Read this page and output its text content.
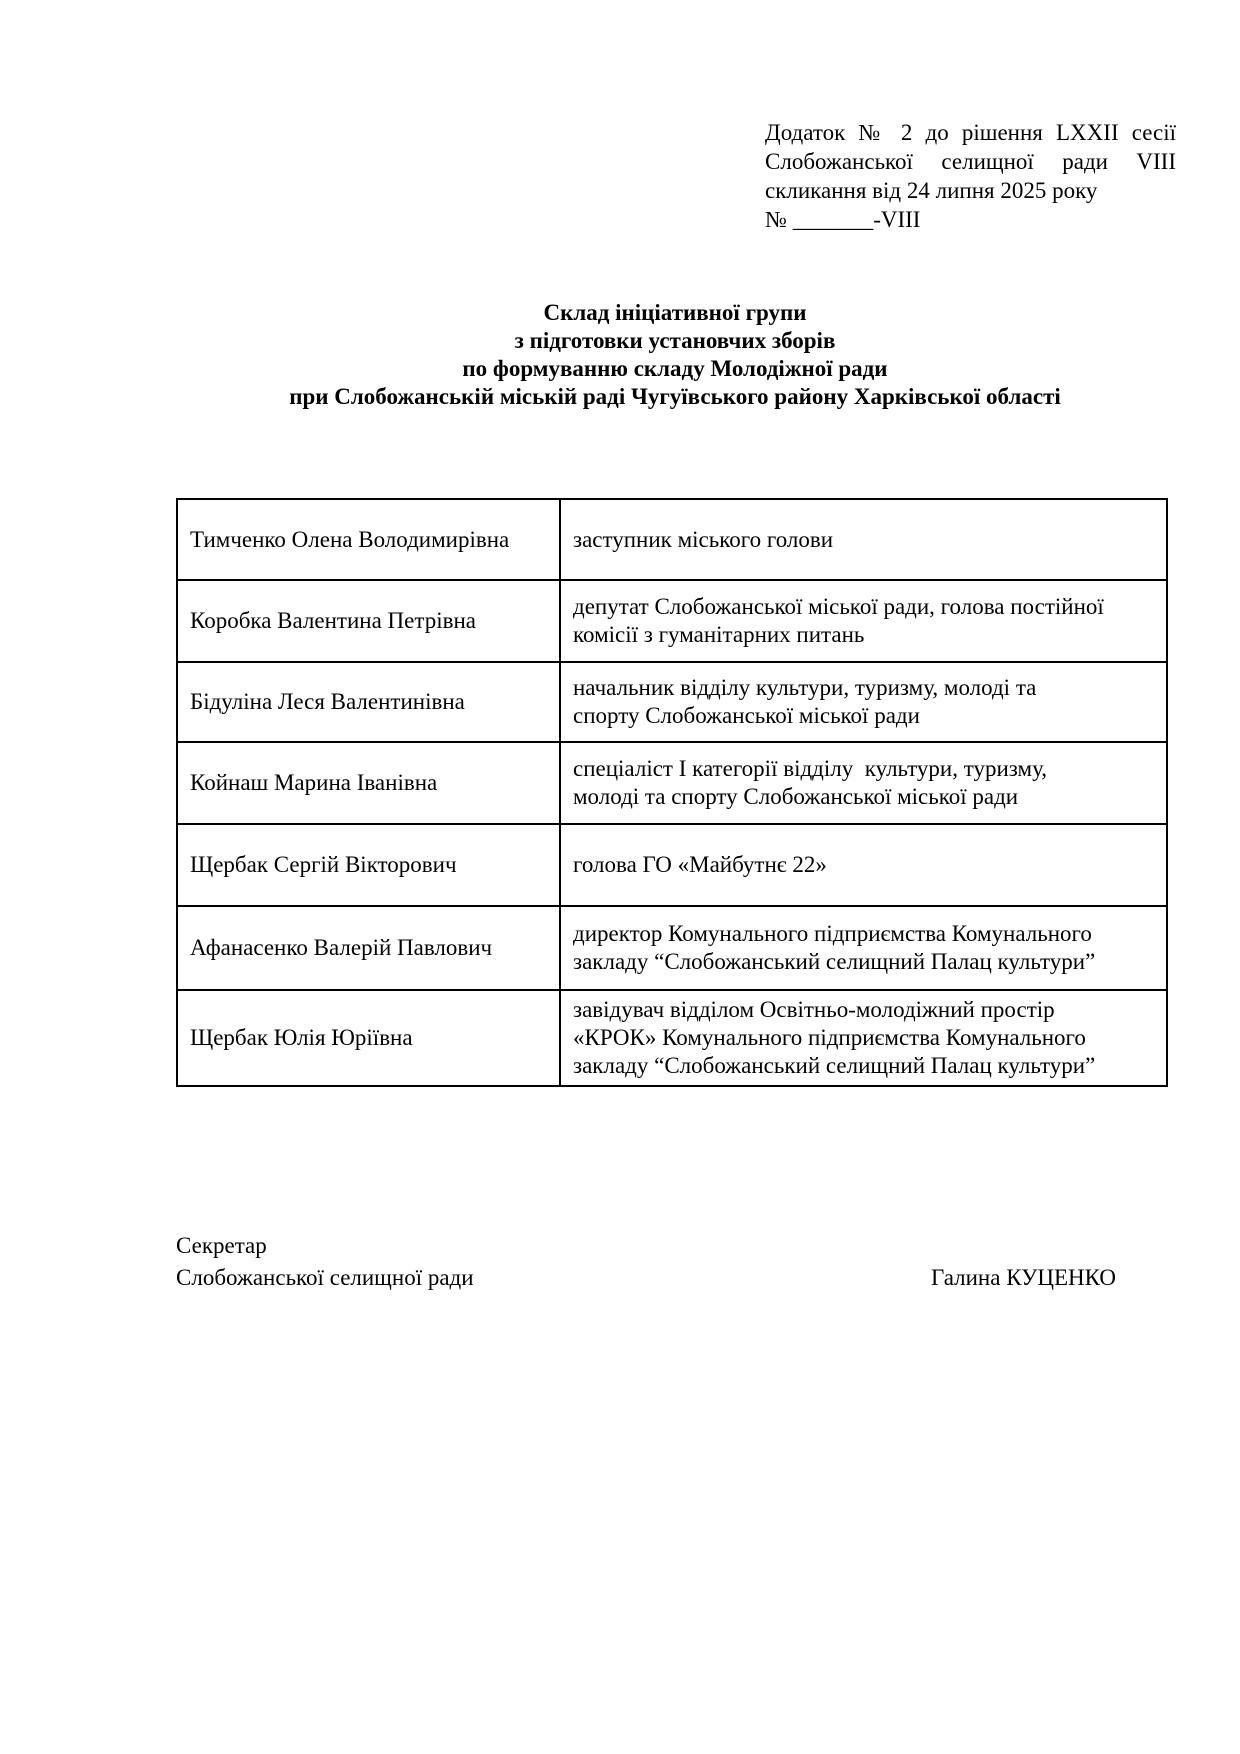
Додаток № 2 до рішення LXXII сесії
Слобожанської селищної ради VIII
скликання від 24 липня 2025 року
№ _______-VIII
Склад ініціативної групи
з підготовки установчих зборів
по формуванню складу Молодіжної ради
при Слобожанській міській раді Чугуївського району Харківської області
Тимченко Олена Володимирівна	заступник міського голови

Коробка Валентина Петрівна	депутат Слобожанської міської ради, голова постійної
комісії з гуманітарних питань

Бідуліна Леся Валентинівна	начальник відділу культури, туризму, молоді та
спорту Слобожанської міської ради

Койнаш Марина Іванівна	спеціаліст І категорії відділу  культури, туризму,
молоді та спорту Слобожанської міської ради

Щербак Сергій Вікторович	голова ГО «Майбутнє 22»

Афанасенко Валерій Павлович	директор Комунального підприємства Комунального
закладу “Слобожанський селищний Палац культури”

Щербак Юлія Юріївна	завідувач відділом Освітньо-молодіжний простір
«КРОК» Комунального підприємства Комунального
закладу “Слобожанський селищний Палац культури”
Секретар
Слобожанської селищної ради	Галина КУЦЕНКО
